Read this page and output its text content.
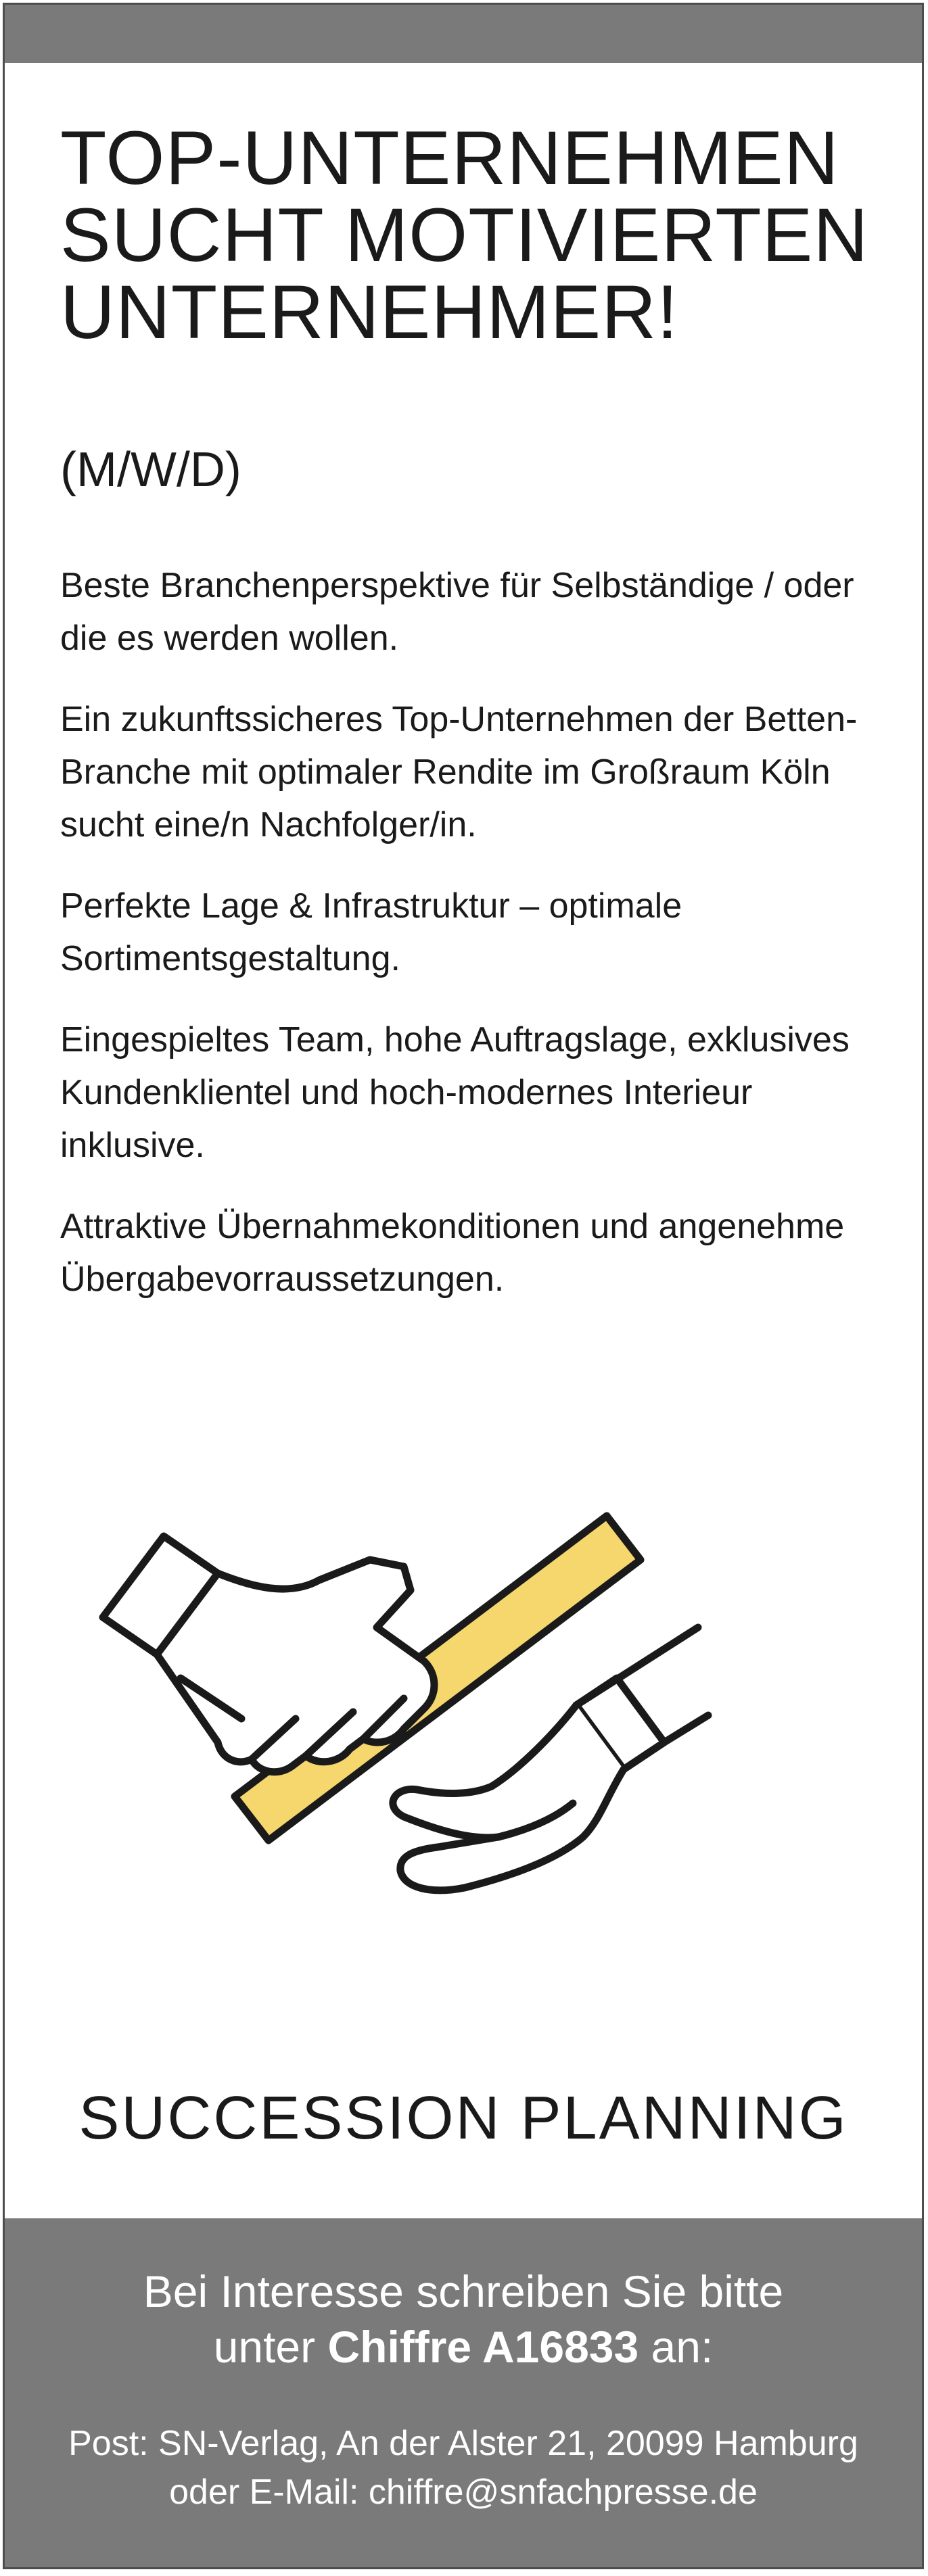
TOP-UNTERNEHMEN
SUCHT MOTIVIERTEN
UNTERNEHMER!
(M/W/D)

Beste Branchenperspektive für Selbständige / oder die es werden wollen.

Ein zukunftssicheres Top-Unternehmen der Betten-Branche mit optimaler Rendite im Großraum Köln sucht eine/n Nachfolger/in.

Perfekte Lage & Infrastruktur – optimale Sortimentsgestaltung.

Eingespieltes Team, hohe Auftragslage, exklusives Kundenklientel und hoch-modernes Interieur inklusive.

Attraktive Übernahmekonditionen und angenehme Übergabevorraussetzungen.

SUCCESSION PLANNING
Bei Interesse schreiben Sie bitte
unter Chiffre A16833 an:
Post: SN-Verlag, An der Alster 21, 20099 Hamburg
oder E-Mail: chiffre@snfachpresse.de
